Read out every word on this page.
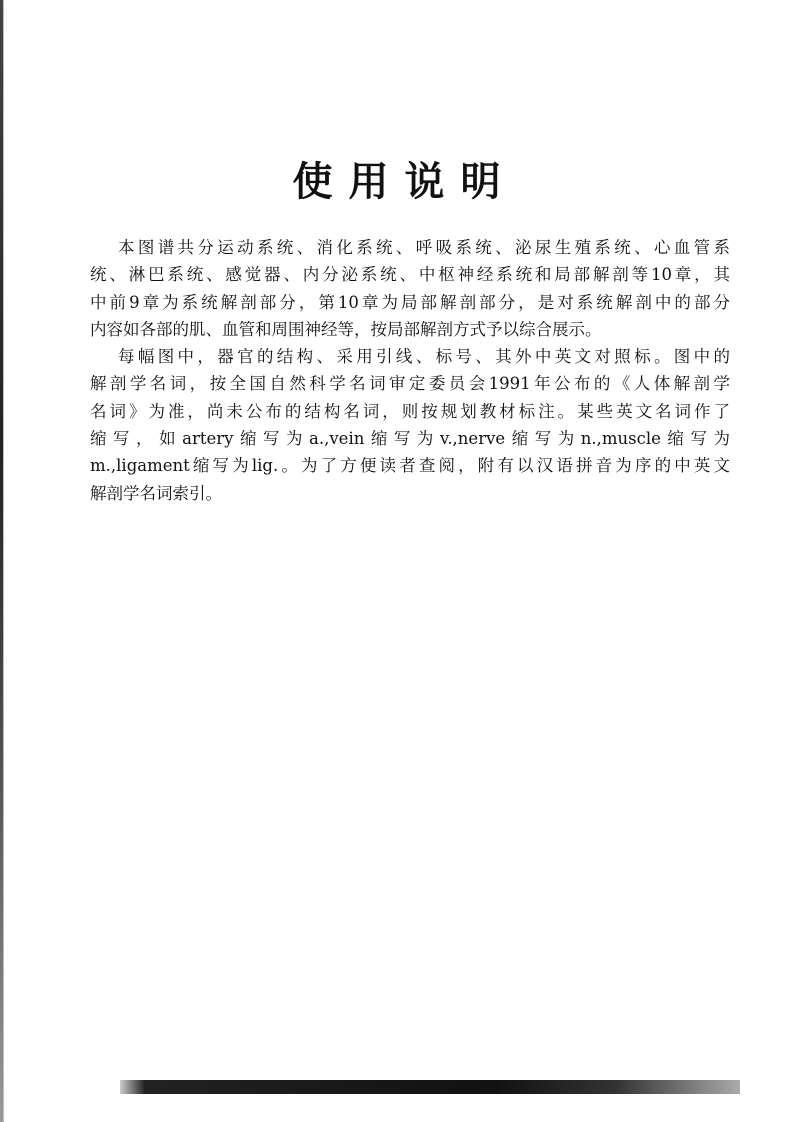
使用说明
本图谱共分运动系统、消化系统、呼吸系统、泌尿生殖系统、心血管系
统、淋巴系统、感觉器、内分泌系统、中枢神经系统和局部解剖等10章，其
中前9章为系统解剖部分，第10章为局部解剖部分，是对系统解剖中的部分
内容如各部的肌、血管和周围神经等，按局部解剖方式予以综合展示。
每幅图中，器官的结构、采用引线、标号、其外中英文对照标。图中的
解剖学名词，按全国自然科学名词审定委员会1991年公布的《人体解剖学
名词》为准，尚未公布的结构名词，则按规划教材标注。某些英文名词作了
缩写，如artery缩写为a.,vein缩写为v.,nerve缩写为n.,muscle缩写为
m.,ligament缩写为lig.。为了方便读者查阅，附有以汉语拼音为序的中英文
解剖学名词索引。
